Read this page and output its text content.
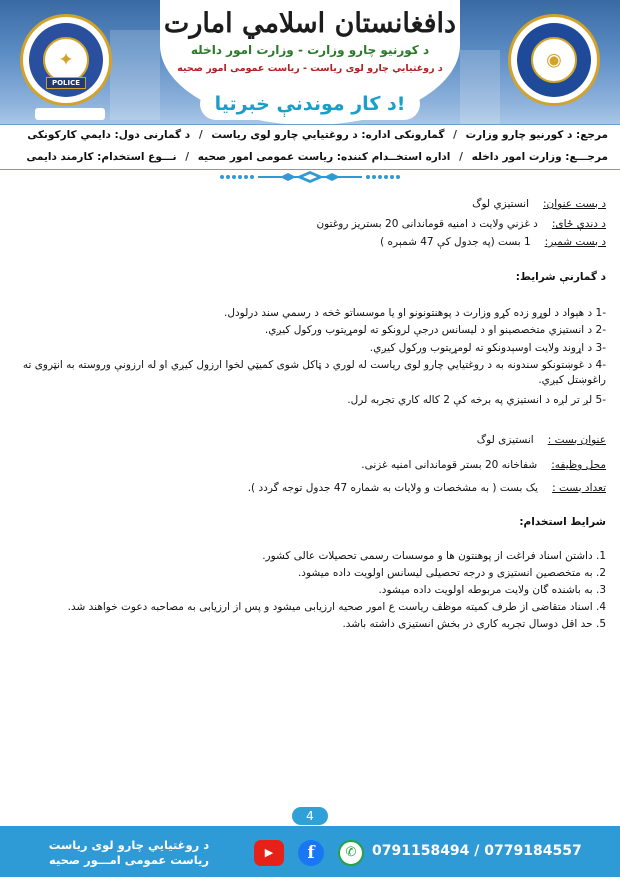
✦
POLICE
◉
دافغانستان اسلامي امارت
د کورنیو چارو وزارت - وزارت امور داخله
د روغتیایي چارو لوی ریاست - ریاست عمومی امور صحیه
د کار موندنې خبرتیا!
مرجع: د کورنیو چارو وزارت / گمارونکی اداره: د روغتیایي چارو لوی ریاست / د گمارنی دول: دایمي کارکونکی
مرجـــع: وزارت امور داخله / اداره استخــدام کننده: ریاست عمومی امور صحیه / نـــوع استخدام: کارمند دایمی
د بست عنوان:انستیزي لوگ
د دندې ځای:د غزني ولایت د امنیه قوماندانی 20 بستریز روغتون
د بست شمیر:1 بست (په جدول کې 47 شمېره )
د گمارنې شرایط:
-1 د هېواد د لوړو زده کړو وزارت د پوهنتونونو او یا موسساتو څخه د رسمي سند درلودل.
-2 د انستیزي متخصصینو او د لیسانس درجې لرونکو ته لومړیتوب ورکول کیږي.
-3 د اړوند ولایت اوسېدونکو ته لومړیتوب ورکول کیږي.
-4 د غوښتونکو سندونه به د روغتیایي چارو لوی ریاست له لوري د ټاکل شوی کمیټي لخوا ارزول کیږي او له ارزونې وروسته به انټروی ته راغوښتل کیږي.
-5 لږ تر لږه د انستیزي په برخه کې 2 کاله کاري تجربه لرل.
عنوان بست :انستیزی لوگ
محل وظیفه:شفاخانه 20 بستر قوماندانی امنیه غزنی.
تعداد بست :یک بست ( به مشخصات و ولایات به شماره 47 جدول توجه گردد ).
شرایط استخدام:
1. داشتن اسناد فراغت از پوهنتون ها و موسسات رسمی تحصیلات عالی کشور.
2. به متخصصین انستیزی و درجه تحصیلی لیسانس اولویت داده میشود.
3. به باشنده گان ولایت مربوطه اولویت داده میشود.
4. اسناد متقاضی از طرف کمیته موظف ریاست ع امور صحیه ارزیابی میشود و پس از ارزیابی به مصاحبه دعوت خواهند شد.
5. حد اقل دوسال تجربه کاری در بخش انستیزی داشته باشد.
4
د روغتیایي چارو لوی ریاست
ریاست عمومی امـــور صحیه
▶	f	✆	0791158494 / 0779184557
